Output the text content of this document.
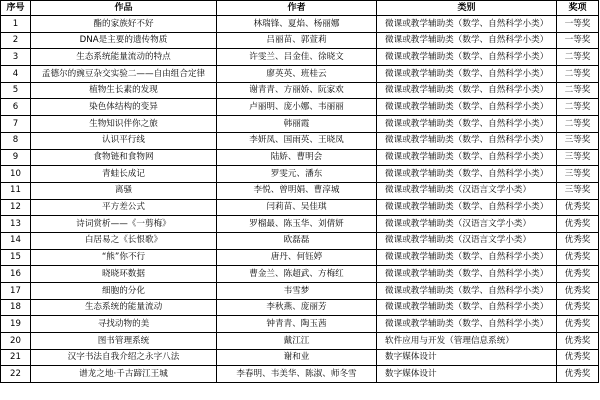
序号	作品	作者	类别	奖项
1	酯的家族好不好	林瑞锋、夏焰、杨丽娜	微课或教学辅助类（数学、自然科学小类）	一等奖
2	DNA是主要的遗传物质	吕丽苗、郭萱莉	微课或教学辅助类（数学、自然科学小类）	一等奖
3	生态系统能量流动的特点	许雯兰、吕金佳、徐晓文	微课或教学辅助类（数学、自然科学小类）	二等奖
4	孟德尔的豌豆杂交实验二——自由组合定律	廖英英、班桂云	微课或教学辅助类（数学、自然科学小类）	二等奖
5	植物生长素的发现	谢青青、方丽娇、阮家欢	微课或教学辅助类（数学、自然科学小类）	二等奖
6	染色体结构的变异	卢丽明、庞小娜、韦丽丽	微课或教学辅助类（数学、自然科学小类）	二等奖
7	生物知识伴你之旅	韩丽霞	微课或教学辅助类（数学、自然科学小类）	二等奖
8	认识平行线	李妍凤、国雨英、王晓凤	微课或教学辅助类（数学、自然科学小类）	三等奖
9	食物链和食物网	陆娇、曹明会	微课或教学辅助类（数学、自然科学小类）	三等奖
10	青蛙长成记	罗雯元、潘东	微课或教学辅助类（数学、自然科学小类）	三等奖
11	离骚	李悦、曾明娟、曹淳城	微课或教学辅助类（汉语言文学小类）	三等奖
12	平方差公式	闫莉苗、吴佳琪	微课或教学辅助类（数学、自然科学小类）	优秀奖
13	诗词赏析——《一剪梅》	罗榴最、陈玉华、刘倩妍	微课或教学辅助类（汉语言文学小类）	优秀奖
14	白居易之《长恨歌》	欧磊磊	微课或教学辅助类（汉语言文学小类）	优秀奖
15	“熊”你不行	唐丹、何钰婷	微课或教学辅助类（数学、自然科学小类）	优秀奖
16	晓晓环数据	曹金兰、陈超武、方梅红	微课或教学辅助类（数学、自然科学小类）	优秀奖
17	细胞的分化	韦雪梦	微课或教学辅助类（数学、自然科学小类）	优秀奖
18	生态系统的能量流动	李秋燕、庞丽芳	微课或教学辅助类（数学、自然科学小类）	优秀奖
19	寻找动物的美	钟青青、陶玉茜	微课或教学辅助类（数学、自然科学小类）	优秀奖
20	图书管理系统	戴江江	软件应用与开发（管理信息系统）	优秀奖
21	汉字书法自我介绍之永字八法	谢和业	数字媒体设计	优秀奖
22	谱龙之地·千古蹄江王城	李春明、韦美华、陈淑、师冬雪	数字媒体设计	优秀奖
